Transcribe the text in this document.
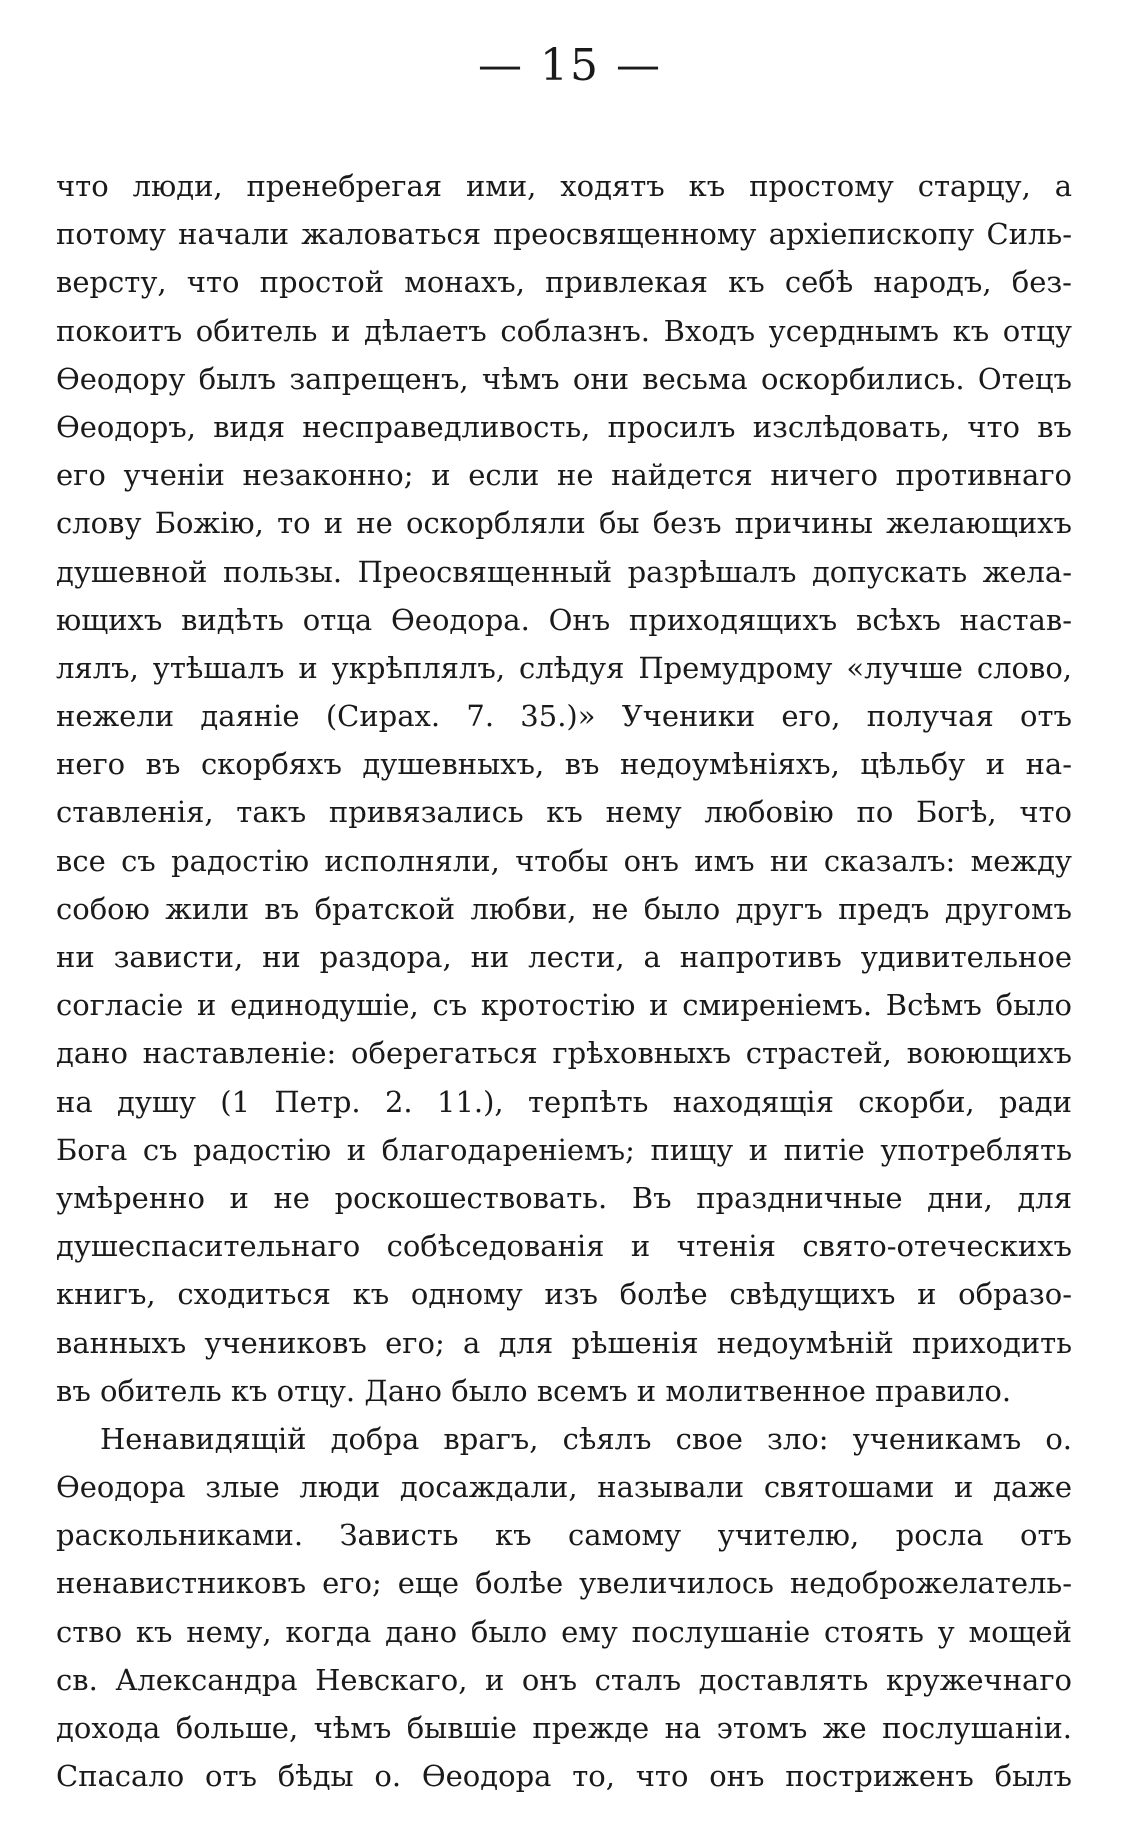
— 15 —
что люди, пренебрегая ими, ходятъ къ простому старцу, а
потому начали жаловаться преосвященному архіепископу Силь-
версту, что простой монахъ, привлекая къ себѣ народъ, без-
покоитъ обитель и дѣлаетъ соблазнъ. Входъ усерднымъ къ отцу
Ѳеодору былъ запрещенъ, чѣмъ они весьма оскорбились. Отецъ
Ѳеодоръ, видя несправедливость, просилъ изслѣдовать, что въ
его ученіи незаконно; и если не найдется ничего противнаго
слову Божію, то и не оскорбляли бы безъ причины желающихъ
душевной пользы. Преосвященный разрѣшалъ допускать жела-
ющихъ видѣть отца Ѳеодора. Онъ приходящихъ всѣхъ настав-
лялъ, утѣшалъ и укрѣплялъ, слѣдуя Премудрому «лучше слово,
нежели даяніе (Сирах. 7. 35.)» Ученики его, получая отъ
него въ скорбяхъ душевныхъ, въ недоумѣніяхъ, цѣльбу и на-
ставленія, такъ привязались къ нему любовію по Богѣ, что
все съ радостію исполняли, чтобы онъ имъ ни сказалъ: между
собою жили въ братской любви, не было другъ предъ другомъ
ни зависти, ни раздора, ни лести, а напротивъ удивительное
согласіе и единодушіе, съ кротостію и смиреніемъ. Всѣмъ было
дано наставленіе: оберегаться грѣховныхъ страстей, воюющихъ
на душу (1 Петр. 2. 11.), терпѣть находящія скорби, ради
Бога съ радостію и благодареніемъ; пищу и питіе употреблять
умѣренно и не роскошествовать. Въ праздничные дни, для
душеспасительнаго собѣседованія и чтенія свято-отеческихъ
книгъ, сходиться къ одному изъ болѣе свѣдущихъ и образо-
ванныхъ учениковъ его; а для рѣшенія недоумѣній приходить
въ обитель къ отцу. Дано было всемъ и молитвенное правило.
Ненавидящій добра врагъ, сѣялъ свое зло: ученикамъ о.
Ѳеодора злые люди досаждали, называли святошами и даже
раскольниками. Зависть къ самому учителю, росла отъ
ненавистниковъ его; еще болѣе увеличилось недоброжелатель-
ство къ нему, когда дано было ему послушаніе стоять у мощей
св. Александра Невскаго, и онъ сталъ доставлять кружечнаго
дохода больше, чѣмъ бывшіе прежде на этомъ же послушаніи.
Спасало отъ бѣды о. Ѳеодора то, что онъ постриженъ былъ
